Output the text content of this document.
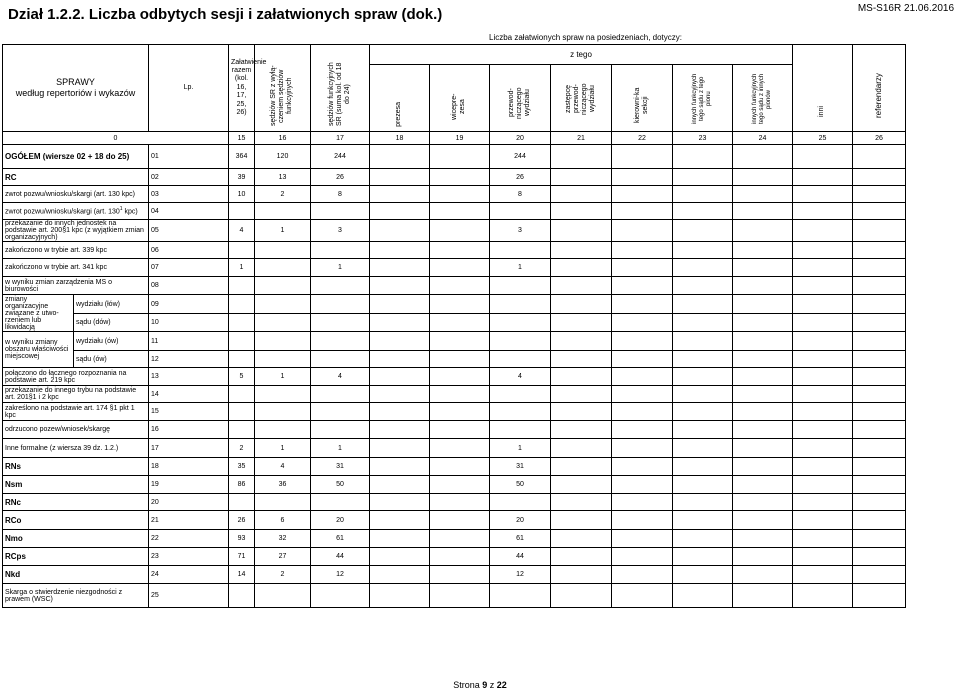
Dział 1.2.2. Liczba odbytych sesji i załatwionych spraw (dok.)	MS-S16R 21.06.2016
Liczba załatwionych spraw na posiedzeniach, dotyczy:
SPRAWY
według repertoriów i wykazów		Lp.	Załatwienie
razem
(kol. 16, 17,
25, 26)	sędziów SR z wyłą-czeniem sędziów funkcyjnych	sędziów funkcyjnych SR (suma kol. od 18 do 24)	z tego							inni	referendarzy
						prezesa	wicepre-zesa	przewod-niczącego wydziału	zastępcę przewod-niczącego wydziału	kierowni-ka sekcji	innych funkcyjnych tego sądu z tego pionu	innych funkcyjnych tego sądu z innych pionów		
0			15	16	17	18	19	20	21	22	23	24	25	26
OGÓŁEM (wiersze 02 + 18 do 25)		01	364	120	244			244						
RC		02	39	13	26			26						
zwrot pozwu/wniosku/skargi (art. 130 kpc)		03	10	2	8			8						
zwrot pozwu/wniosku/skargi (art. $130^1$ kpc)		04												
przekazanie do innych jednostek na podstawie art. 200§1 kpc (z wyjątkiem zmian organizacyjnych)		05	4	1	3			3						
zakończono w trybie art. 339 kpc		06												
zakończono w trybie art. 341 kpc		07	1		1			1						
w wyniku zmian zarządzenia MS o biurowości		08												
zmiany organizacyjne związane z utwo-rzeniem lub likwidacją	wydziału (łów)	09												
	sądu (dów)	10												
w wyniku zmiany obszaru właściwości miejscowej	wydziału (ów)	11												
	sądu (ów)	12												
połączono do łącznego rozpoznania na podstawie art. 219 kpc		13	5	1	4			4						
przekazanie do innego trybu na podstawie art. 201§1 i 2 kpc		14												
zakreślono na podstawie art. 174 §1 pkt 1 kpc		15												
odrzucono pozew/wniosek/skargę		16												
Inne formalne (z wiersza 39 dz. 1.2.)		17	2	1	1			1						
RNs		18	35	4	31			31						
Nsm		19	86	36	50			50						
RNc		20												
RCo		21	26	6	20			20						
Nmo		22	93	32	61			61						
RCps		23	71	27	44			44						
Nkd		24	14	2	12			12						
Skarga o stwierdzenie niezgodności z prawem (WSC)		25												
Strona 9 z 22
